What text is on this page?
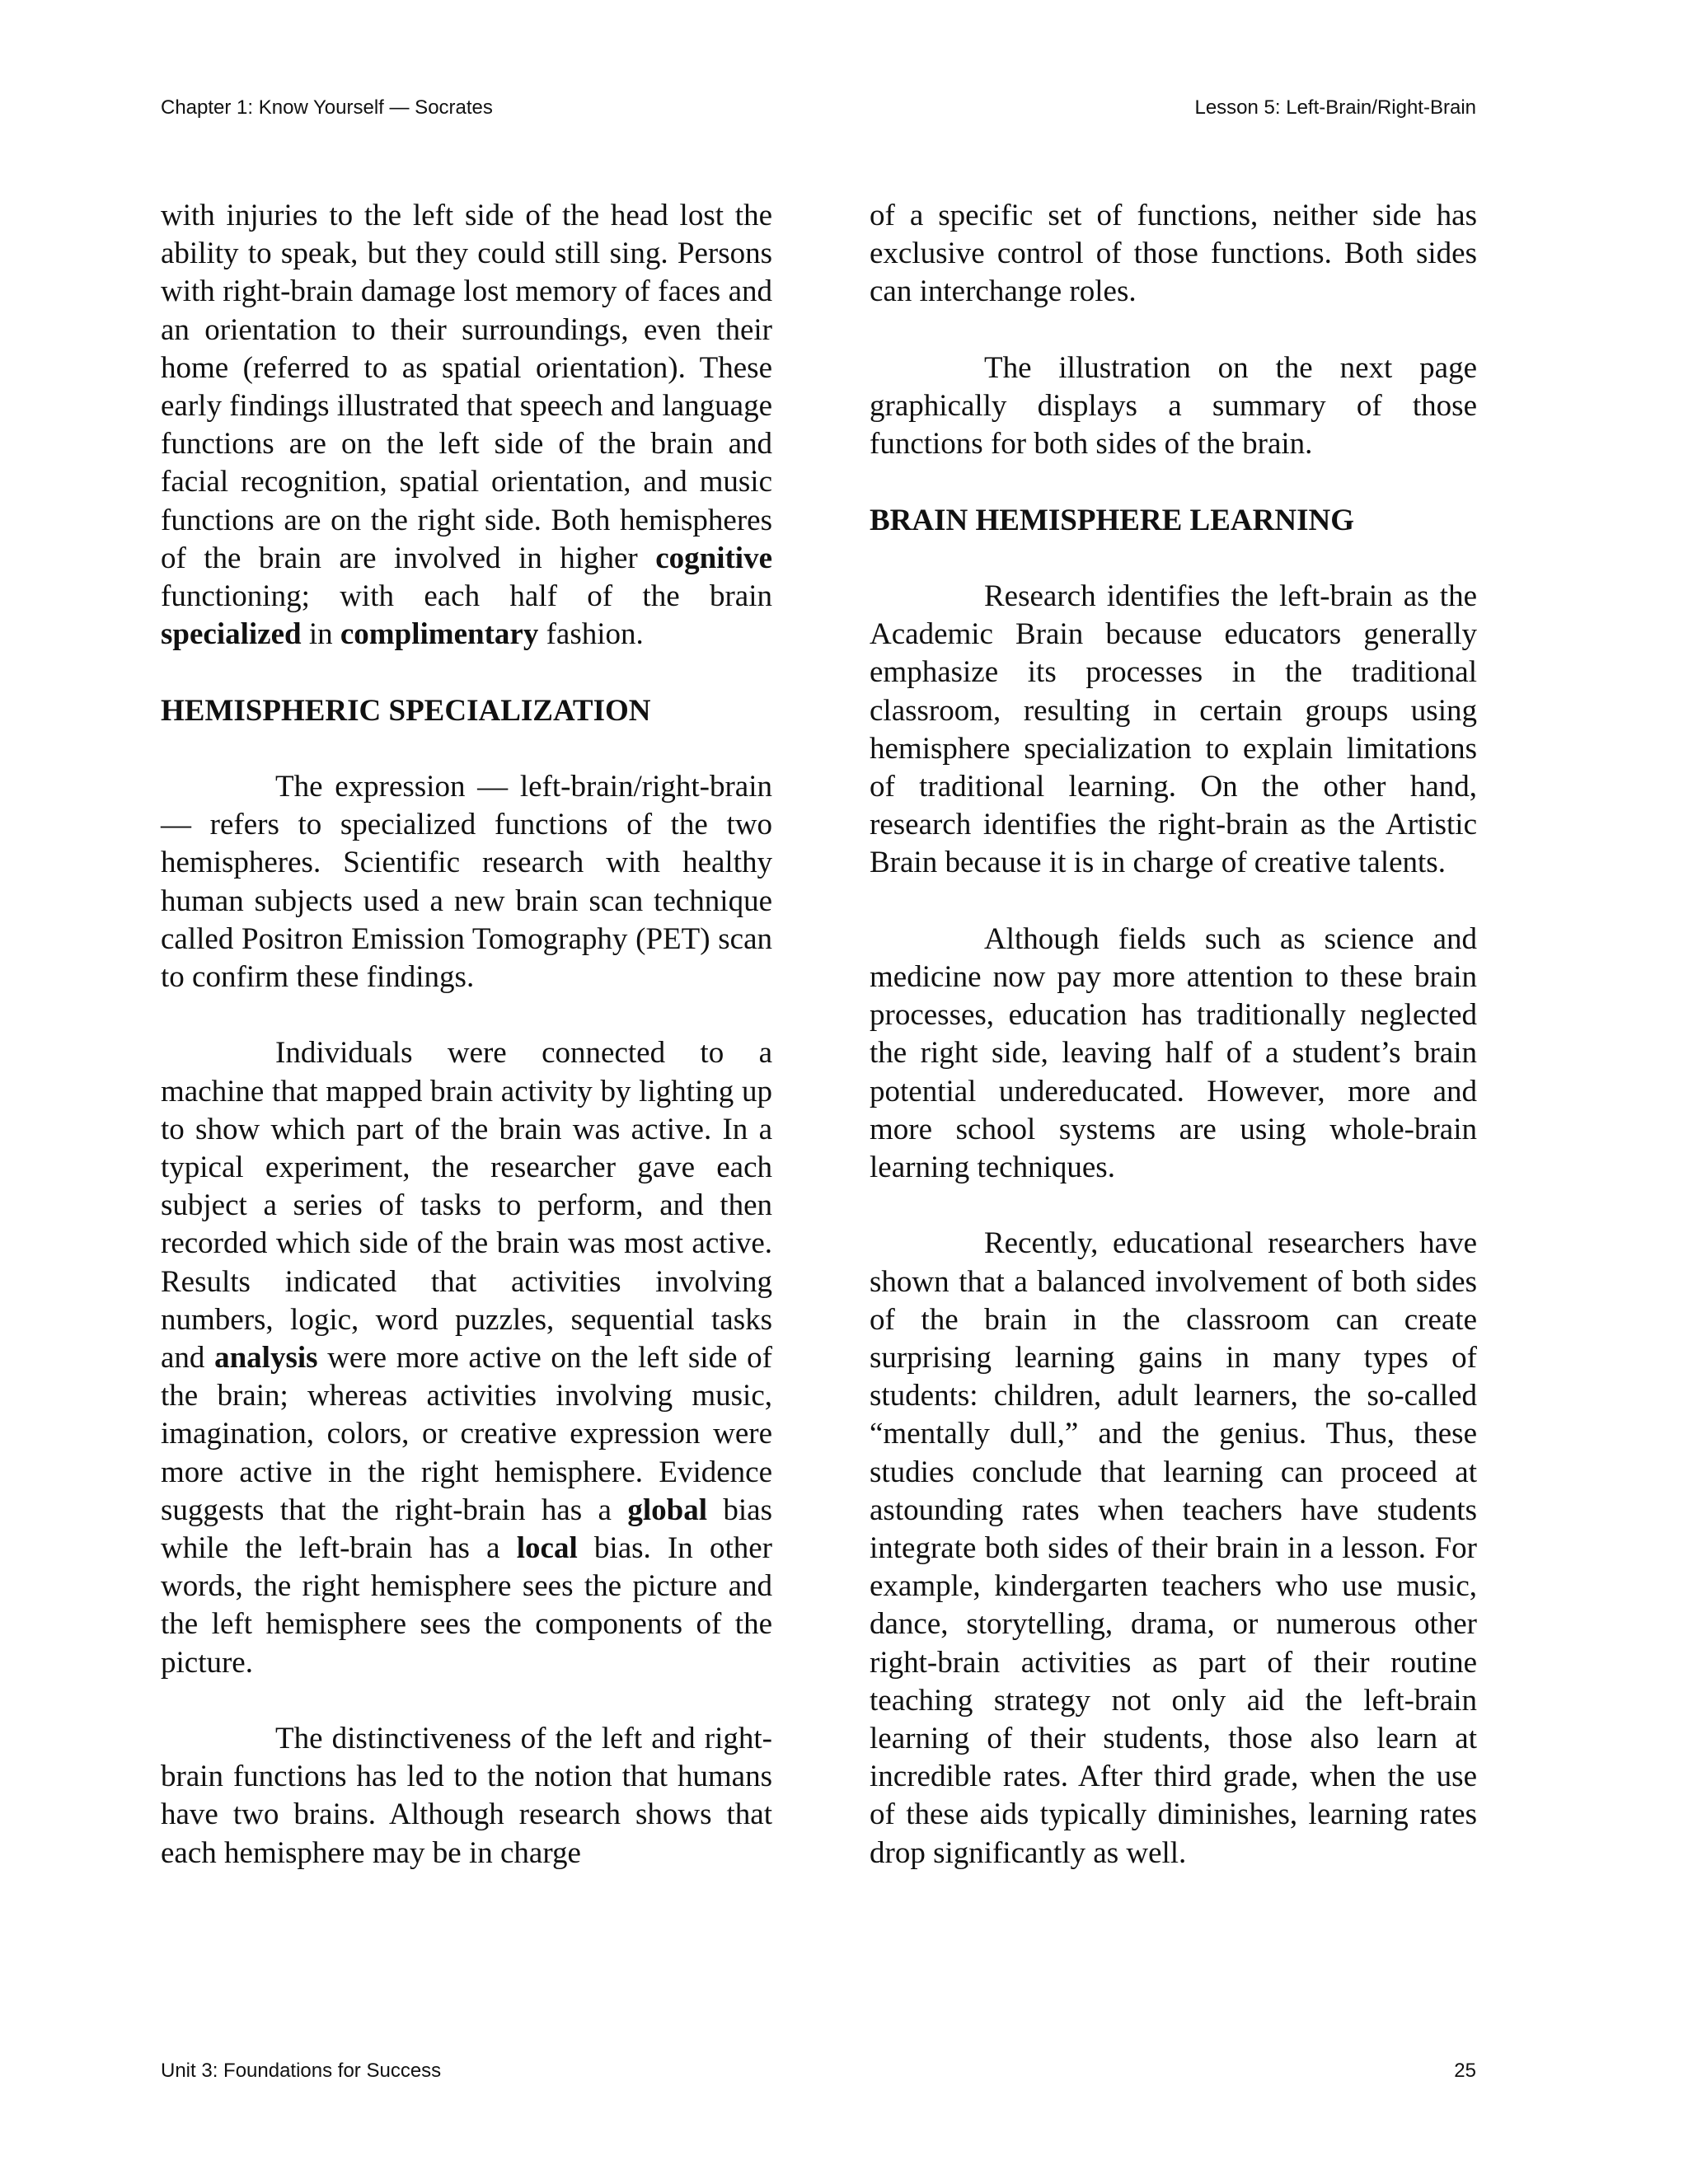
Chapter 1: Know Yourself — Socrates	Lesson 5: Left-Brain/Right-Brain

with injuries to the left side of the head lost the ability to speak, but they could still sing. Persons with right-brain damage lost memory of faces and an orientation to their surroundings, even their home (referred to as spatial orientation). These early findings illustrated that speech and language functions are on the left side of the brain and facial recognition, spatial orientation, and music functions are on the right side. Both hemispheres of the brain are involved in higher cognitive functioning; with each half of the brain specialized in complimentary fashion.

HEMISPHERIC SPECIALIZATION

The expression — left-brain/right-brain — refers to specialized functions of the two hemispheres. Scientific research with healthy human subjects used a new brain scan technique called Positron Emission Tomography (PET) scan to confirm these findings.

Individuals were connected to a machine that mapped brain activity by lighting up to show which part of the brain was active. In a typical experiment, the researcher gave each subject a series of tasks to perform, and then recorded which side of the brain was most active. Results indicated that activities involving numbers, logic, word puzzles, sequential tasks and analysis were more active on the left side of the brain; whereas activities involving music, imagination, colors, or creative expression were more active in the right hemisphere. Evidence suggests that the right-brain has a global bias while the left-brain has a local bias. In other words, the right hemisphere sees the picture and the left hemisphere sees the components of the picture.

The distinctiveness of the left and right-brain functions has led to the notion that humans have two brains. Although research shows that each hemisphere may be in charge

of a specific set of functions, neither side has exclusive control of those functions. Both sides can interchange roles.

The illustration on the next page graphically displays a summary of those functions for both sides of the brain.

BRAIN HEMISPHERE LEARNING

Research identifies the left-brain as the Academic Brain because educators generally emphasize its processes in the traditional classroom, resulting in certain groups using hemisphere specialization to explain limitations of traditional learning. On the other hand, research identifies the right-brain as the Artistic Brain because it is in charge of creative talents.

Although fields such as science and medicine now pay more attention to these brain processes, education has traditionally neglected the right side, leaving half of a student’s brain potential undereducated. However, more and more school systems are using whole-brain learning techniques.

Recently, educational researchers have shown that a balanced involvement of both sides of the brain in the classroom can create surprising learning gains in many types of students: children, adult learners, the so-called “mentally dull,” and the genius. Thus, these studies conclude that learning can proceed at astounding rates when teachers have students integrate both sides of their brain in a lesson. For example, kindergarten teachers who use music, dance, storytelling, drama, or numerous other right-brain activities as part of their routine teaching strategy not only aid the left-brain learning of their students, those also learn at incredible rates. After third grade, when the use of these aids typically diminishes, learning rates drop significantly as well.

Unit 3: Foundations for Success	25
